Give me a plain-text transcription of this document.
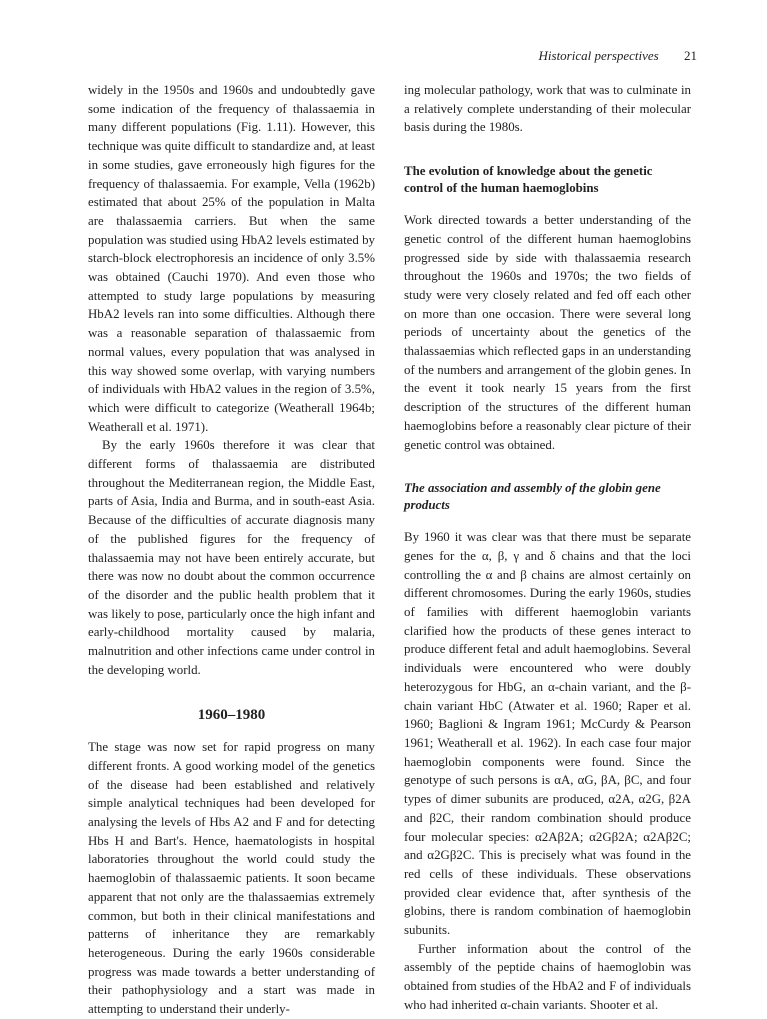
Historical perspectives 21

widely in the 1950s and 1960s and undoubtedly gave some indication of the frequency of thalassaemia in many different populations (Fig. 1.11). However, this technique was quite difficult to standardize and, at least in some studies, gave erroneously high figures for the frequency of thalassaemia. For example, Vella (1962b) estimated that about 25% of the population in Malta are thalassaemia carriers. But when the same population was studied using HbA2 levels estimated by starch-block electrophoresis an incidence of only 3.5% was obtained (Cauchi 1970). And even those who attempted to study large populations by measuring HbA2 levels ran into some difficulties. Although there was a reasonable separation of thalassaemic from normal values, every population that was analysed in this way showed some overlap, with varying numbers of individuals with HbA2 values in the region of 3.5%, which were difficult to categorize (Weatherall 1964b; Weatherall et al. 1971).

By the early 1960s therefore it was clear that different forms of thalassaemia are distributed throughout the Mediterranean region, the Middle East, parts of Asia, India and Burma, and in south-east Asia. Because of the difficulties of accurate diagnosis many of the published figures for the frequency of thalassaemia may not have been entirely accurate, but there was now no doubt about the common occurrence of the disorder and the public health problem that it was likely to pose, particularly once the high infant and early-childhood mortality caused by malaria, malnutrition and other infections came under control in the developing world.

1960–1980

The stage was now set for rapid progress on many different fronts. A good working model of the genetics of the disease had been established and relatively simple analytical techniques had been developed for analysing the levels of Hbs A2 and F and for detecting Hbs H and Bart's. Hence, haematologists in hospital laboratories throughout the world could study the haemoglobin of thalassaemic patients. It soon became apparent that not only are the thalassaemias extremely common, but both in their clinical manifestations and patterns of inheritance they are remarkably heterogeneous. During the early 1960s considerable progress was made towards a better understanding of their pathophysiology and a start was made in attempting to understand their underly-

ing molecular pathology, work that was to culminate in a relatively complete understanding of their molecular basis during the 1980s.

The evolution of knowledge about the genetic control of the human haemoglobins

Work directed towards a better understanding of the genetic control of the different human haemoglobins progressed side by side with thalassaemia research throughout the 1960s and 1970s; the two fields of study were very closely related and fed off each other on more than one occasion. There were several long periods of uncertainty about the genetics of the thalassaemias which reflected gaps in an understanding of the numbers and arrangement of the globin genes. In the event it took nearly 15 years from the first description of the structures of the different human haemoglobins before a reasonably clear picture of their genetic control was obtained.

The association and assembly of the globin gene products

By 1960 it was clear was that there must be separate genes for the α, β, γ and δ chains and that the loci controlling the α and β chains are almost certainly on different chromosomes. During the early 1960s, studies of families with different haemoglobin variants clarified how the products of these genes interact to produce different fetal and adult haemoglobins. Several individuals were encountered who were doubly heterozygous for HbG, an α-chain variant, and the β-chain variant HbC (Atwater et al. 1960; Raper et al. 1960; Baglioni & Ingram 1961; McCurdy & Pearson 1961; Weatherall et al. 1962). In each case four major haemoglobin components were found. Since the genotype of such persons is αA, αG, βA, βC, and four types of dimer subunits are produced, α2A, α2G, β2A and β2C, their random combination should produce four molecular species: α2Aβ2A; α2Gβ2A; α2Aβ2C; and α2Gβ2C. This is precisely what was found in the red cells of these individuals. These observations provided clear evidence that, after synthesis of the globins, there is random combination of haemoglobin subunits.

Further information about the control of the assembly of the peptide chains of haemoglobin was obtained from studies of the HbA2 and F of individuals who had inherited α-chain variants. Shooter et al.
